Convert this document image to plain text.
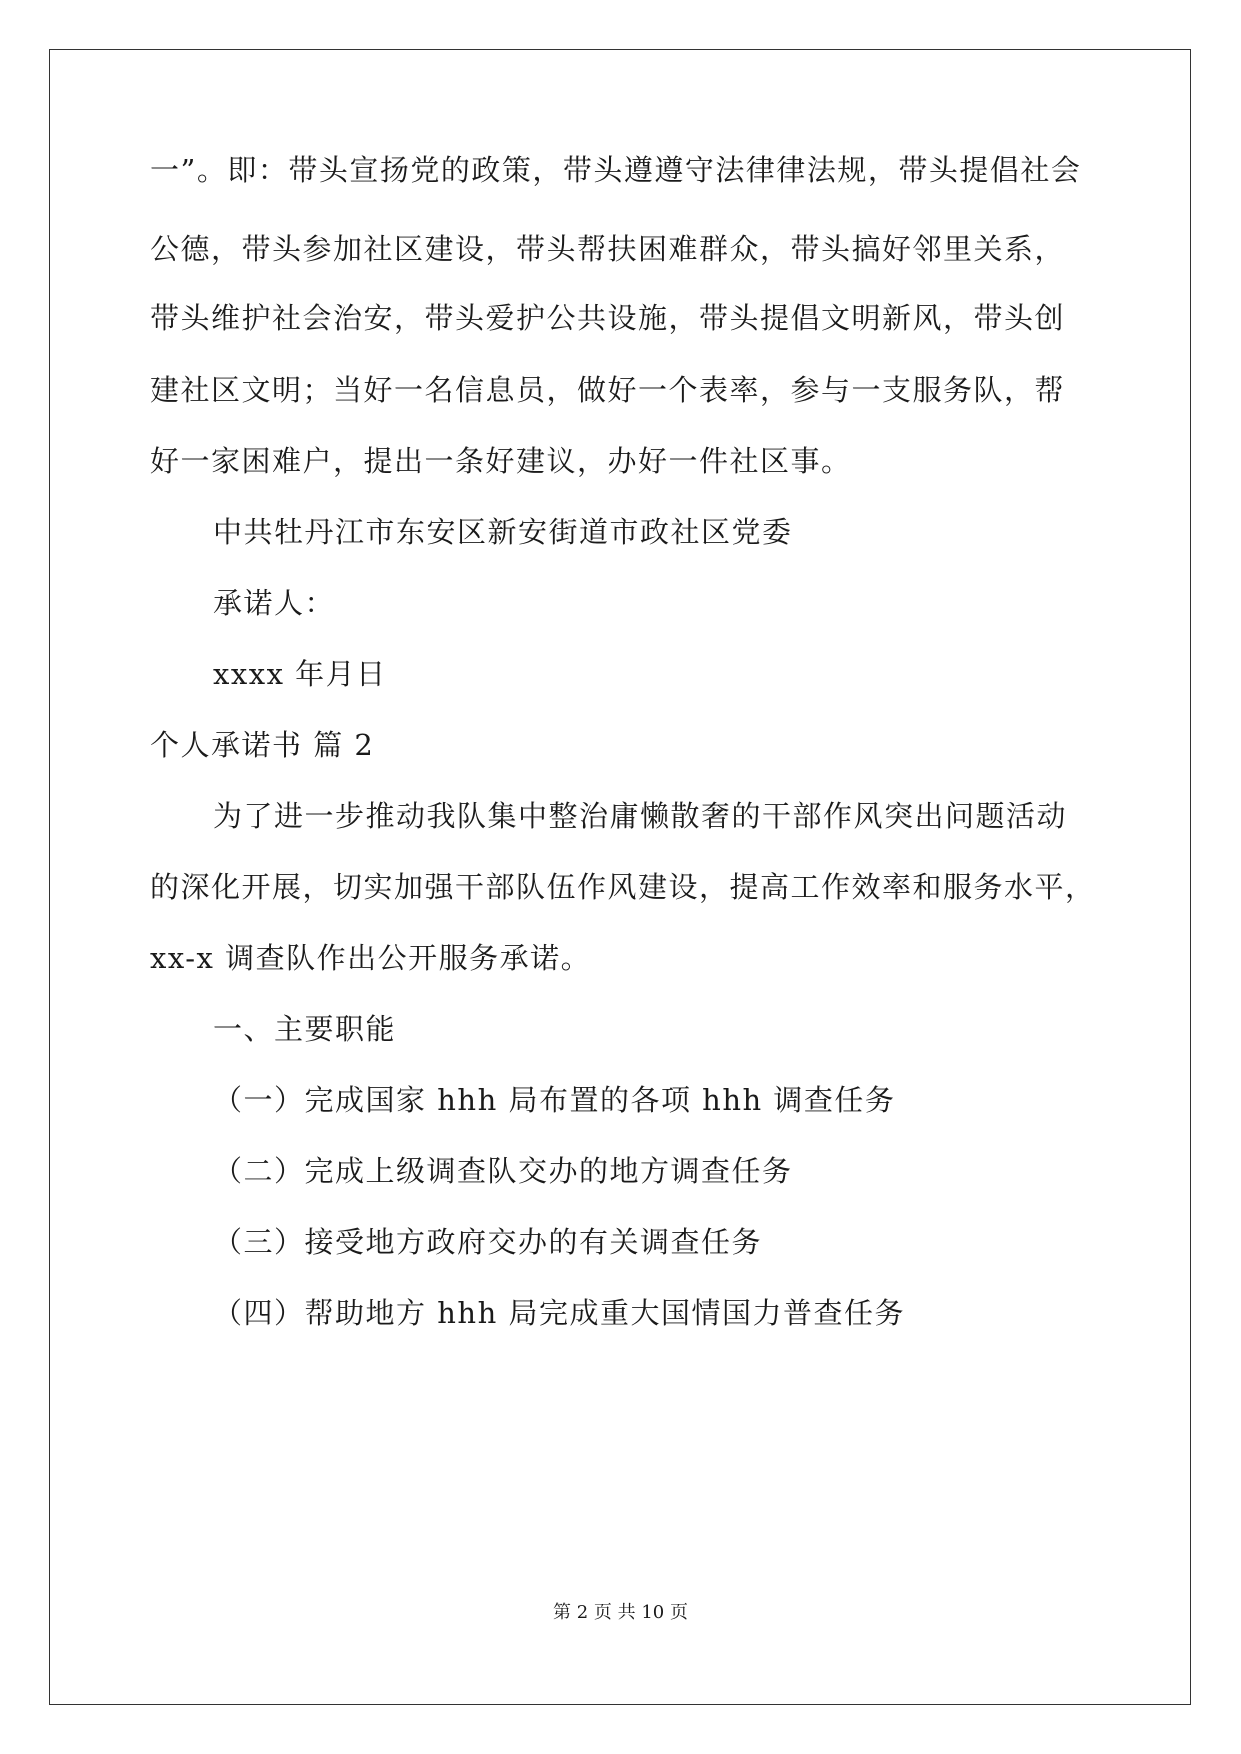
一”。即：带头宣扬党的政策，带头遵遵守法律律法规，带头提倡社会
公德，带头参加社区建设，带头帮扶困难群众，带头搞好邻里关系，
带头维护社会治安，带头爱护公共设施，带头提倡文明新风，带头创
建社区文明；当好一名信息员，做好一个表率，参与一支服务队，帮
好一家困难户，提出一条好建议，办好一件社区事。
中共牡丹江市东安区新安街道市政社区党委
承诺人：
xxxx 年月日
个人承诺书 篇 2
为了进一步推动我队集中整治庸懒散奢的干部作风突出问题活动
的深化开展，切实加强干部队伍作风建设，提高工作效率和服务水平，
xx-x 调查队作出公开服务承诺。
一、主要职能
（一）完成国家 hhh 局布置的各项 hhh 调查任务
（二）完成上级调查队交办的地方调查任务
（三）接受地方政府交办的有关调查任务
（四）帮助地方 hhh 局完成重大国情国力普查任务
第 2 页 共 10 页
